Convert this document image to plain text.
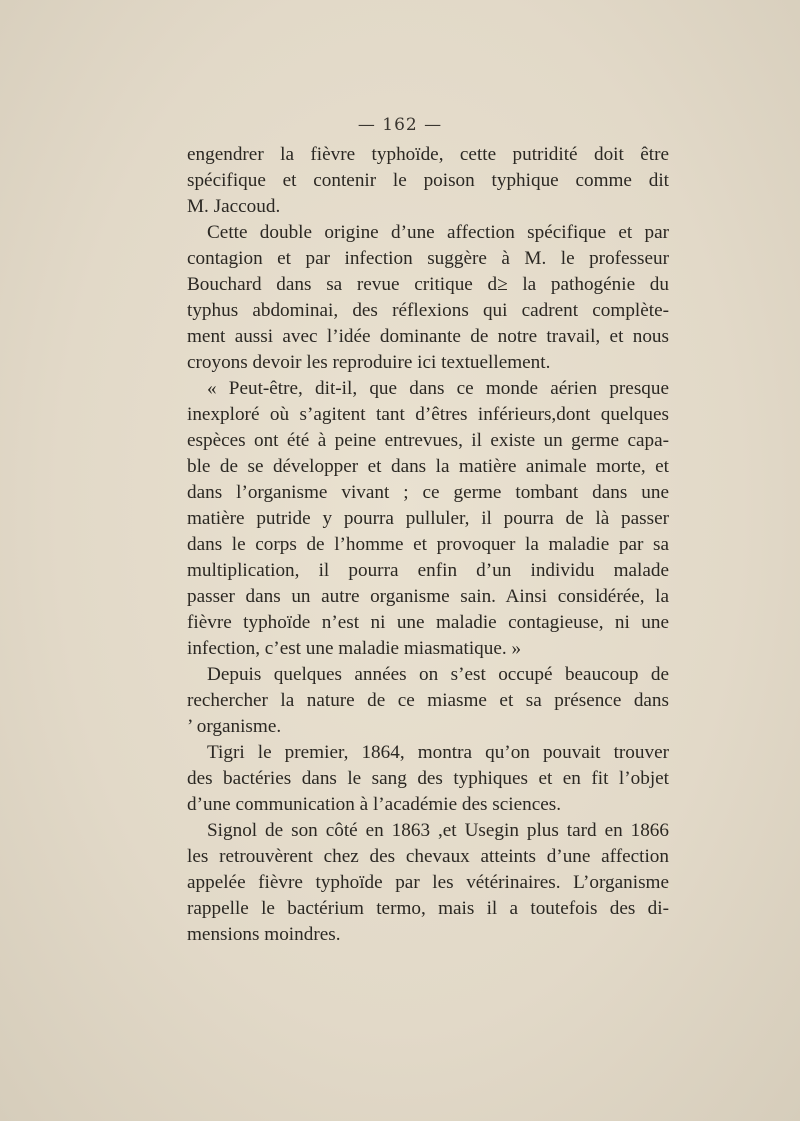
— 162 —
engendrer la fièvre typhoïde, cette putridité doit être
spécifique et contenir le poison typhique comme dit
M. Jaccoud.
Cette double origine d’une affection spécifique et par
contagion et par infection suggère à M. le professeur
Bouchard dans sa revue critique d≥ la pathogénie du
typhus abdominai, des réflexions qui cadrent complète-
ment aussi avec l’idée dominante de notre travail, et nous
croyons devoir les reproduire ici textuellement.
« Peut-être, dit-il, que dans ce monde aérien presque
inexploré où s’agitent tant d’êtres inférieurs,dont quelques
espèces ont été à peine entrevues, il existe un germe capa-
ble de se développer et dans la matière animale morte, et
dans l’organisme vivant ; ce germe tombant dans une
matière putride y pourra pulluler, il pourra de là passer
dans le corps de l’homme et provoquer la maladie par sa
multiplication, il pourra enfin d’un individu malade
passer dans un autre organisme sain. Ainsi considérée, la
fièvre typhoïde n’est ni une maladie contagieuse, ni une
infection, c’est une maladie miasmatique. »
Depuis quelques années on s’est occupé beaucoup de
rechercher la nature de ce miasme et sa présence dans
’ organisme.
Tigri le premier, 1864, montra qu’on pouvait trouver
des bactéries dans le sang des typhiques et en fit l’objet
d’une communication à l’académie des sciences.
Signol de son côté en 1863 ,et Usegin plus tard en 1866
les retrouvèrent chez des chevaux atteints d’une affection
appelée fièvre typhoïde par les vétérinaires. L’organisme
rappelle le bactérium termo, mais il a toutefois des di-
mensions moindres.
